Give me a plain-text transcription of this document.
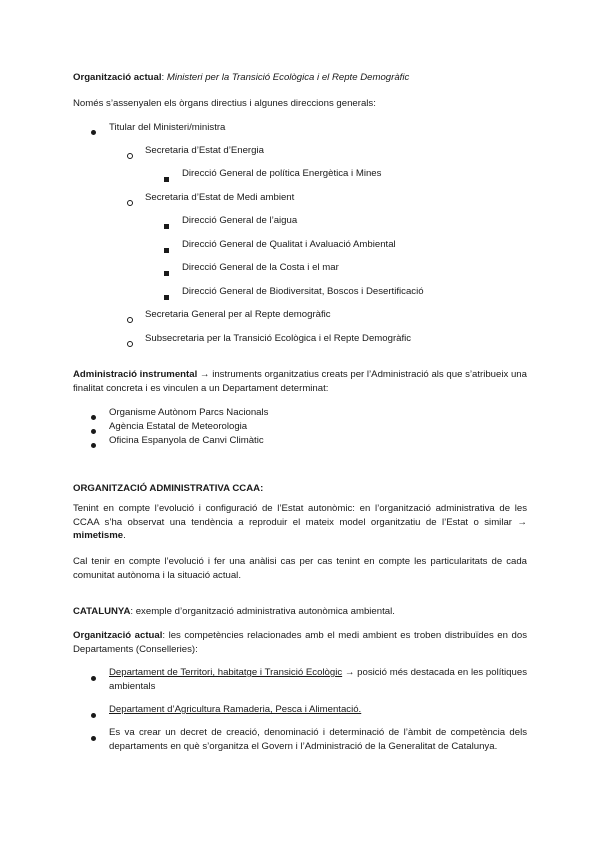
Organització actual: Ministeri per la Transició Ecològica i el Repte Demogràfic

Només s’assenyalen els òrgans directius i algunes direccions generals:

Titular del Ministeri/ministra
Secretaria d’Estat d’Energia
Direcció General de política Energètica i Mines
Secretaria d’Estat de Medi ambient
Direcció General de l’aigua
Direcció General de Qualitat i Avaluació Ambiental
Direcció General de la Costa i el mar
Direcció General de Biodiversitat, Boscos i Desertificació
Secretaria General per al Repte demogràfic
Subsecretaria per la Transició Ecològica i el Repte Demogràfic

Administració instrumental → instruments organitzatius creats per l’Administració als que s’atribueix una finalitat concreta i es vinculen a un Departament determinat:

Organisme Autònom Parcs Nacionals
Agència Estatal de Meteorologia
Oficina Espanyola de Canvi Climàtic

ORGANITZACIÓ ADMINISTRATIVA CCAA:

Tenint en compte l’evolució i configuració de l’Estat autonòmic: en l’organització administrativa de les CCAA s’ha observat una tendència a reproduir el mateix model organitzatiu de l’Estat o similar → mimetisme.

Cal tenir en compte l’evolució i fer una anàlisi cas per cas tenint en compte les particularitats de cada comunitat autònoma i la situació actual.

CATALUNYA: exemple d’organització administrativa autonòmica ambiental.

Organització actual: les competències relacionades amb el medi ambient es troben distribuïdes en dos Departaments (Conselleries):

Departament de Territori, habitatge i Transició Ecològic → posició més destacada en les polítiques ambientals

Departament d’Agricultura Ramaderia, Pesca i Alimentació.

Es va crear un decret de creació, denominació i determinació de l’àmbit de competència dels departaments en què s’organitza el Govern i l’Administració de la Generalitat de Catalunya.
